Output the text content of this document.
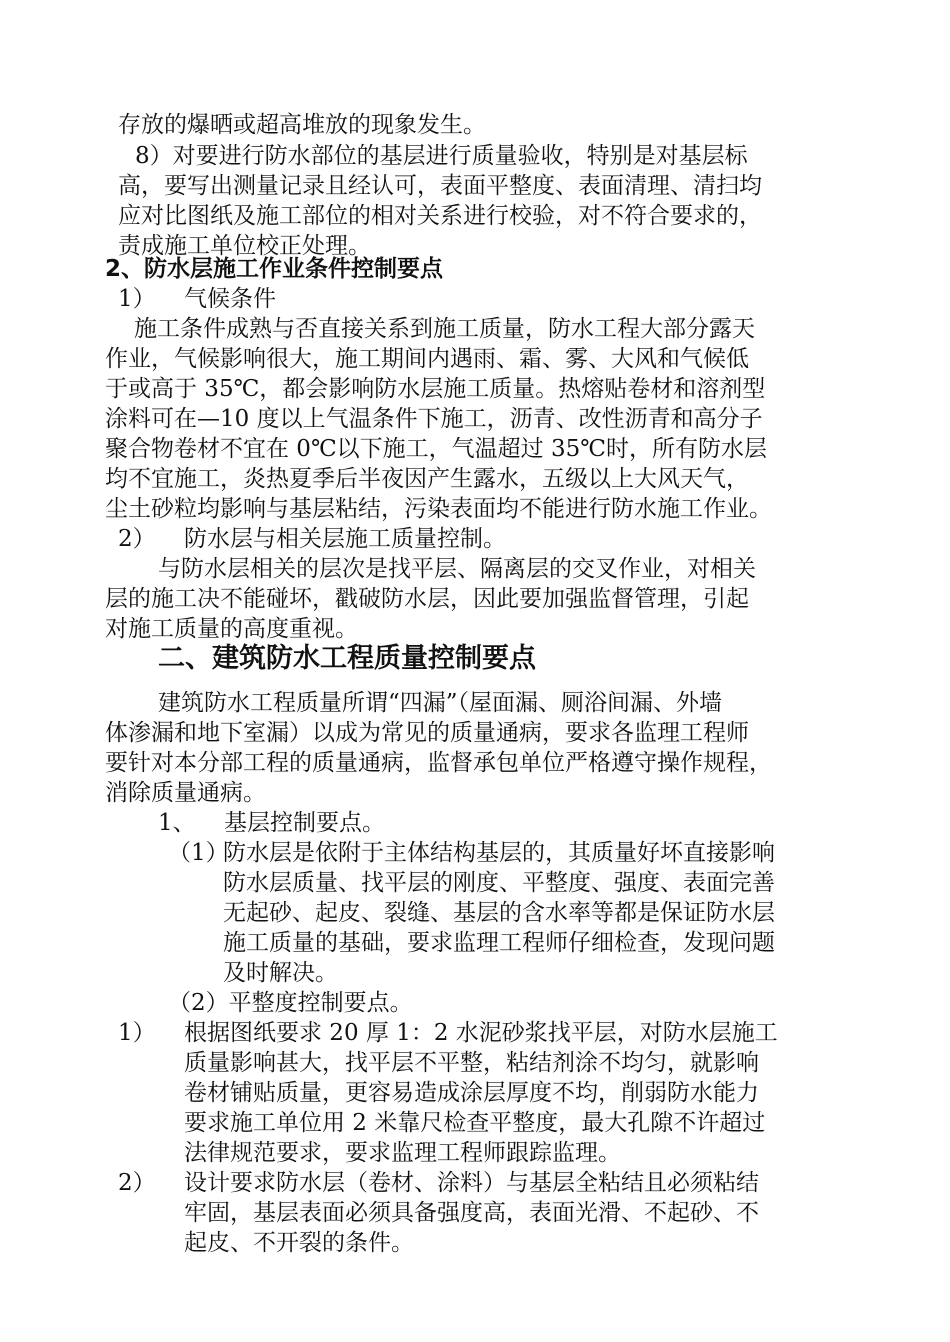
存放的爆晒或超高堆放的现象发生。
8）对要进行防水部位的基层进行质量验收，特别是对基层标
高，要写出测量记录且经认可，表面平整度、表面清理、清扫均
应对比图纸及施工部位的相对关系进行校验，对不符合要求的，
责成施工单位校正处理。
2、防水层施工作业条件控制要点
1） 气候条件
施工条件成熟与否直接关系到施工质量，防水工程大部分露天
作业，气候影响很大，施工期间内遇雨、霜、雾、大风和气候低
于或高于 35℃，都会影响防水层施工质量。热熔贴卷材和溶剂型
涂料可在—10 度以上气温条件下施工，沥青、改性沥青和高分子
聚合物卷材不宜在 0℃以下施工，气温超过 35℃时，所有防水层
均不宜施工，炎热夏季后半夜因产生露水，五级以上大风天气，
尘土砂粒均影响与基层粘结，污染表面均不能进行防水施工作业。
2） 防水层与相关层施工质量控制。
与防水层相关的层次是找平层、隔离层的交叉作业，对相关
层的施工决不能碰坏，戳破防水层，因此要加强监督管理，引起
对施工质量的高度重视。
二、建筑防水工程质量控制要点
建筑防水工程质量所谓“四漏”（屋面漏、厕浴间漏、外墙
体渗漏和地下室漏）以成为常见的质量通病，要求各监理工程师
要针对本分部工程的质量通病，监督承包单位严格遵守操作规程，
消除质量通病。
1、 基层控制要点。
（1）
防水层是依附于主体结构基层的，其质量好坏直接影响
防水层质量、找平层的刚度、平整度、强度、表面完善
无起砂、起皮、裂缝、基层的含水率等都是保证防水层
施工质量的基础，要求监理工程师仔细检查，发现问题
及时解决。
（2）平整度控制要点。
1） 根据图纸要求 20 厚 1：2 水泥砂浆找平层，对防水层施工
质量影响甚大，找平层不平整，粘结剂涂不均匀，就影响
卷材铺贴质量，更容易造成涂层厚度不均，削弱防水能力
要求施工单位用 2 米靠尺检查平整度，最大孔隙不许超过
法律规范要求，要求监理工程师跟踪监理。
2） 设计要求防水层（卷材、涂料）与基层全粘结且必须粘结
牢固，基层表面必须具备强度高，表面光滑、不起砂、不
起皮、不开裂的条件。
